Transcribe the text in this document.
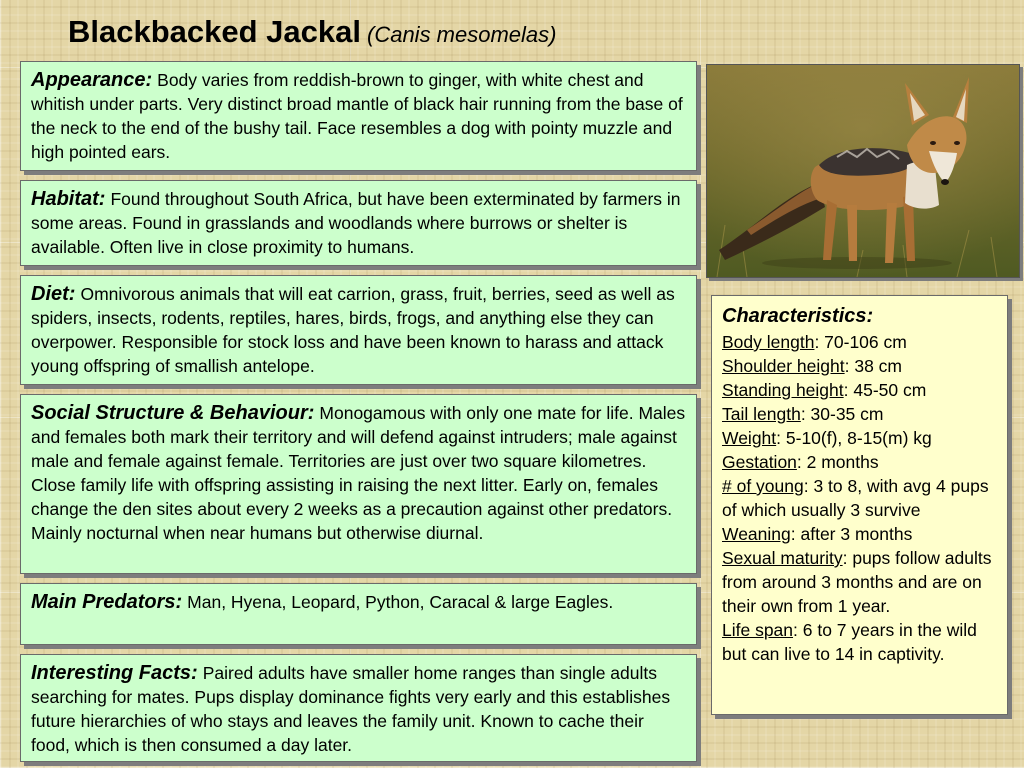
Blackbacked Jackal (Canis mesomelas)
Appearance: Body varies from reddish-brown to ginger, with white chest and whitish under parts. Very distinct broad mantle of black hair running from the base of the neck to the end of the bushy tail. Face resembles a dog with pointy muzzle and high pointed ears.
Habitat: Found throughout South Africa, but have been exterminated by farmers in some areas. Found in grasslands and woodlands where burrows or shelter is available. Often live in close proximity to humans.
Diet: Omnivorous animals that will eat carrion, grass, fruit, berries, seed as well as spiders, insects, rodents, reptiles, hares, birds, frogs, and anything else they can overpower. Responsible for stock loss and have been known to harass and attack young offspring of smallish antelope.
Social Structure & Behaviour: Monogamous with only one mate for life. Males and females both mark their territory and will defend against intruders; male against male and female against female. Territories are just over two square kilometres. Close family life with offspring assisting in raising the next litter. Early on, females change the den sites about every 2 weeks as a precaution against other predators. Mainly nocturnal when near humans but otherwise diurnal.
Main Predators: Man, Hyena, Leopard, Python, Caracal & large Eagles.
Interesting Facts: Paired adults have smaller home ranges than single adults searching for mates. Pups display dominance fights very early and this establishes future hierarchies of who stays and leaves the family unit. Known to cache their food, which is then consumed a day later.
Characteristics:
Body length: 70-106 cm
Shoulder height: 38 cm
Standing height: 45-50 cm
Tail length: 30-35 cm
Weight: 5-10(f), 8-15(m) kg
Gestation: 2 months
# of young: 3 to 8, with avg 4 pups of which usually 3 survive
Weaning: after 3 months
Sexual maturity: pups follow adults from around 3 months and are on their own from 1 year.
Life span: 6 to 7 years in the wild but can live to 14 in captivity.
